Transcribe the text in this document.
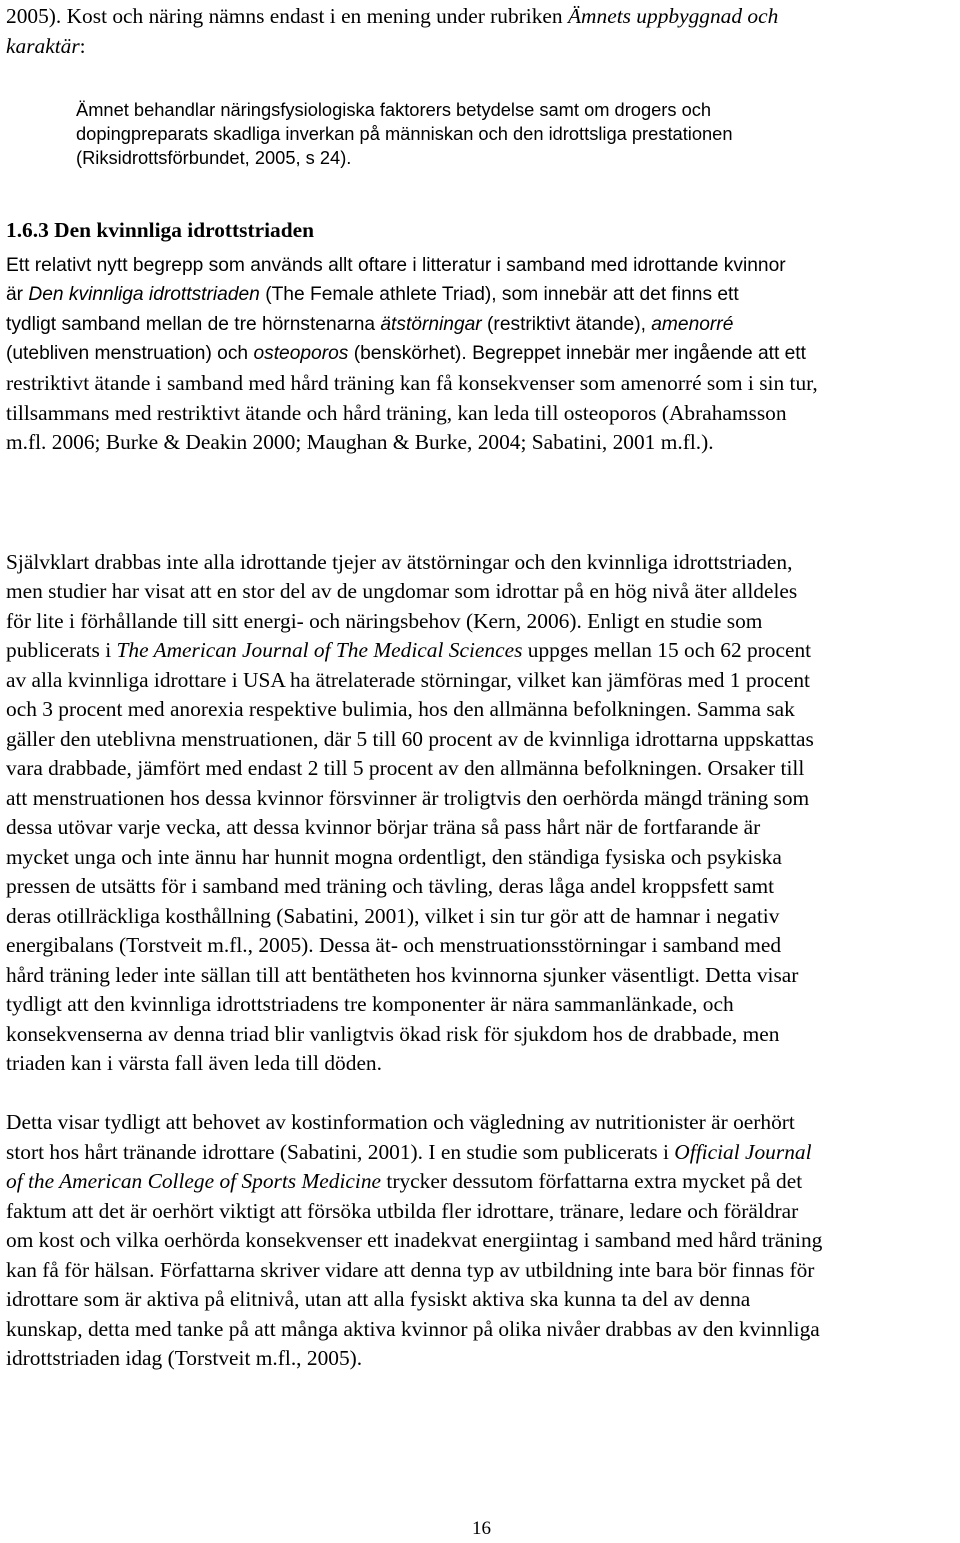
2005). Kost och näring nämns endast i en mening under rubriken Ämnets uppbyggnad och
karaktär:
Ämnet behandlar näringsfysiologiska faktorers betydelse samt om drogers och
dopingpreparats skadliga inverkan på människan och den idrottsliga prestationen
(Riksidrottsförbundet, 2005, s 24).
1.6.3 Den kvinnliga idrottstriaden
Ett relativt nytt begrepp som används allt oftare i litteratur i samband med idrottande kvinnor
är Den kvinnliga idrottstriaden (The Female athlete Triad), som innebär att det finns ett
tydligt samband mellan de tre hörnstenarna ätstörningar (restriktivt ätande), amenorré
(utebliven menstruation) och osteoporos (benskörhet). Begreppet innebär mer ingående att ett
restriktivt ätande i samband med hård träning kan få konsekvenser som amenorré som i sin tur,
tillsammans med restriktivt ätande och hård träning, kan leda till osteoporos (Abrahamsson
m.fl. 2006; Burke & Deakin 2000; Maughan & Burke, 2004; Sabatini, 2001 m.fl.).
Självklart drabbas inte alla idrottande tjejer av ätstörningar och den kvinnliga idrottstriaden,
men studier har visat att en stor del av de ungdomar som idrottar på en hög nivå äter alldeles
för lite i förhållande till sitt energi- och näringsbehov (Kern, 2006). Enligt en studie som
publicerats i The American Journal of The Medical Sciences uppges mellan 15 och 62 procent
av alla kvinnliga idrottare i USA ha ätrelaterade störningar, vilket kan jämföras med 1 procent
och 3 procent med anorexia respektive bulimia, hos den allmänna befolkningen. Samma sak
gäller den uteblivna menstruationen, där 5 till 60 procent av de kvinnliga idrottarna uppskattas
vara drabbade, jämfört med endast 2 till 5 procent av den allmänna befolkningen. Orsaker till
att menstruationen hos dessa kvinnor försvinner är troligtvis den oerhörda mängd träning som
dessa utövar varje vecka, att dessa kvinnor börjar träna så pass hårt när de fortfarande är
mycket unga och inte ännu har hunnit mogna ordentligt, den ständiga fysiska och psykiska
pressen de utsätts för i samband med träning och tävling, deras låga andel kroppsfett samt
deras otillräckliga kosthållning (Sabatini, 2001), vilket i sin tur gör att de hamnar i negativ
energibalans (Torstveit m.fl., 2005). Dessa ät- och menstruationsstörningar i samband med
hård träning leder inte sällan till att bentätheten hos kvinnorna sjunker väsentligt. Detta visar
tydligt att den kvinnliga idrottstriadens tre komponenter är nära sammanlänkade, och
konsekvenserna av denna triad blir vanligtvis ökad risk för sjukdom hos de drabbade, men
triaden kan i värsta fall även leda till döden.
Detta visar tydligt att behovet av kostinformation och vägledning av nutritionister är oerhört
stort hos hårt tränande idrottare (Sabatini, 2001). I en studie som publicerats i Official Journal
of the American College of Sports Medicine trycker dessutom författarna extra mycket på det
faktum att det är oerhört viktigt att försöka utbilda fler idrottare, tränare, ledare och föräldrar
om kost och vilka oerhörda konsekvenser ett inadekvat energiintag i samband med hård träning
kan få för hälsan. Författarna skriver vidare att denna typ av utbildning inte bara bör finnas för
idrottare som är aktiva på elitnivå, utan att alla fysiskt aktiva ska kunna ta del av denna
kunskap, detta med tanke på att många aktiva kvinnor på olika nivåer drabbas av den kvinnliga
idrottstriaden idag (Torstveit m.fl., 2005).
16
